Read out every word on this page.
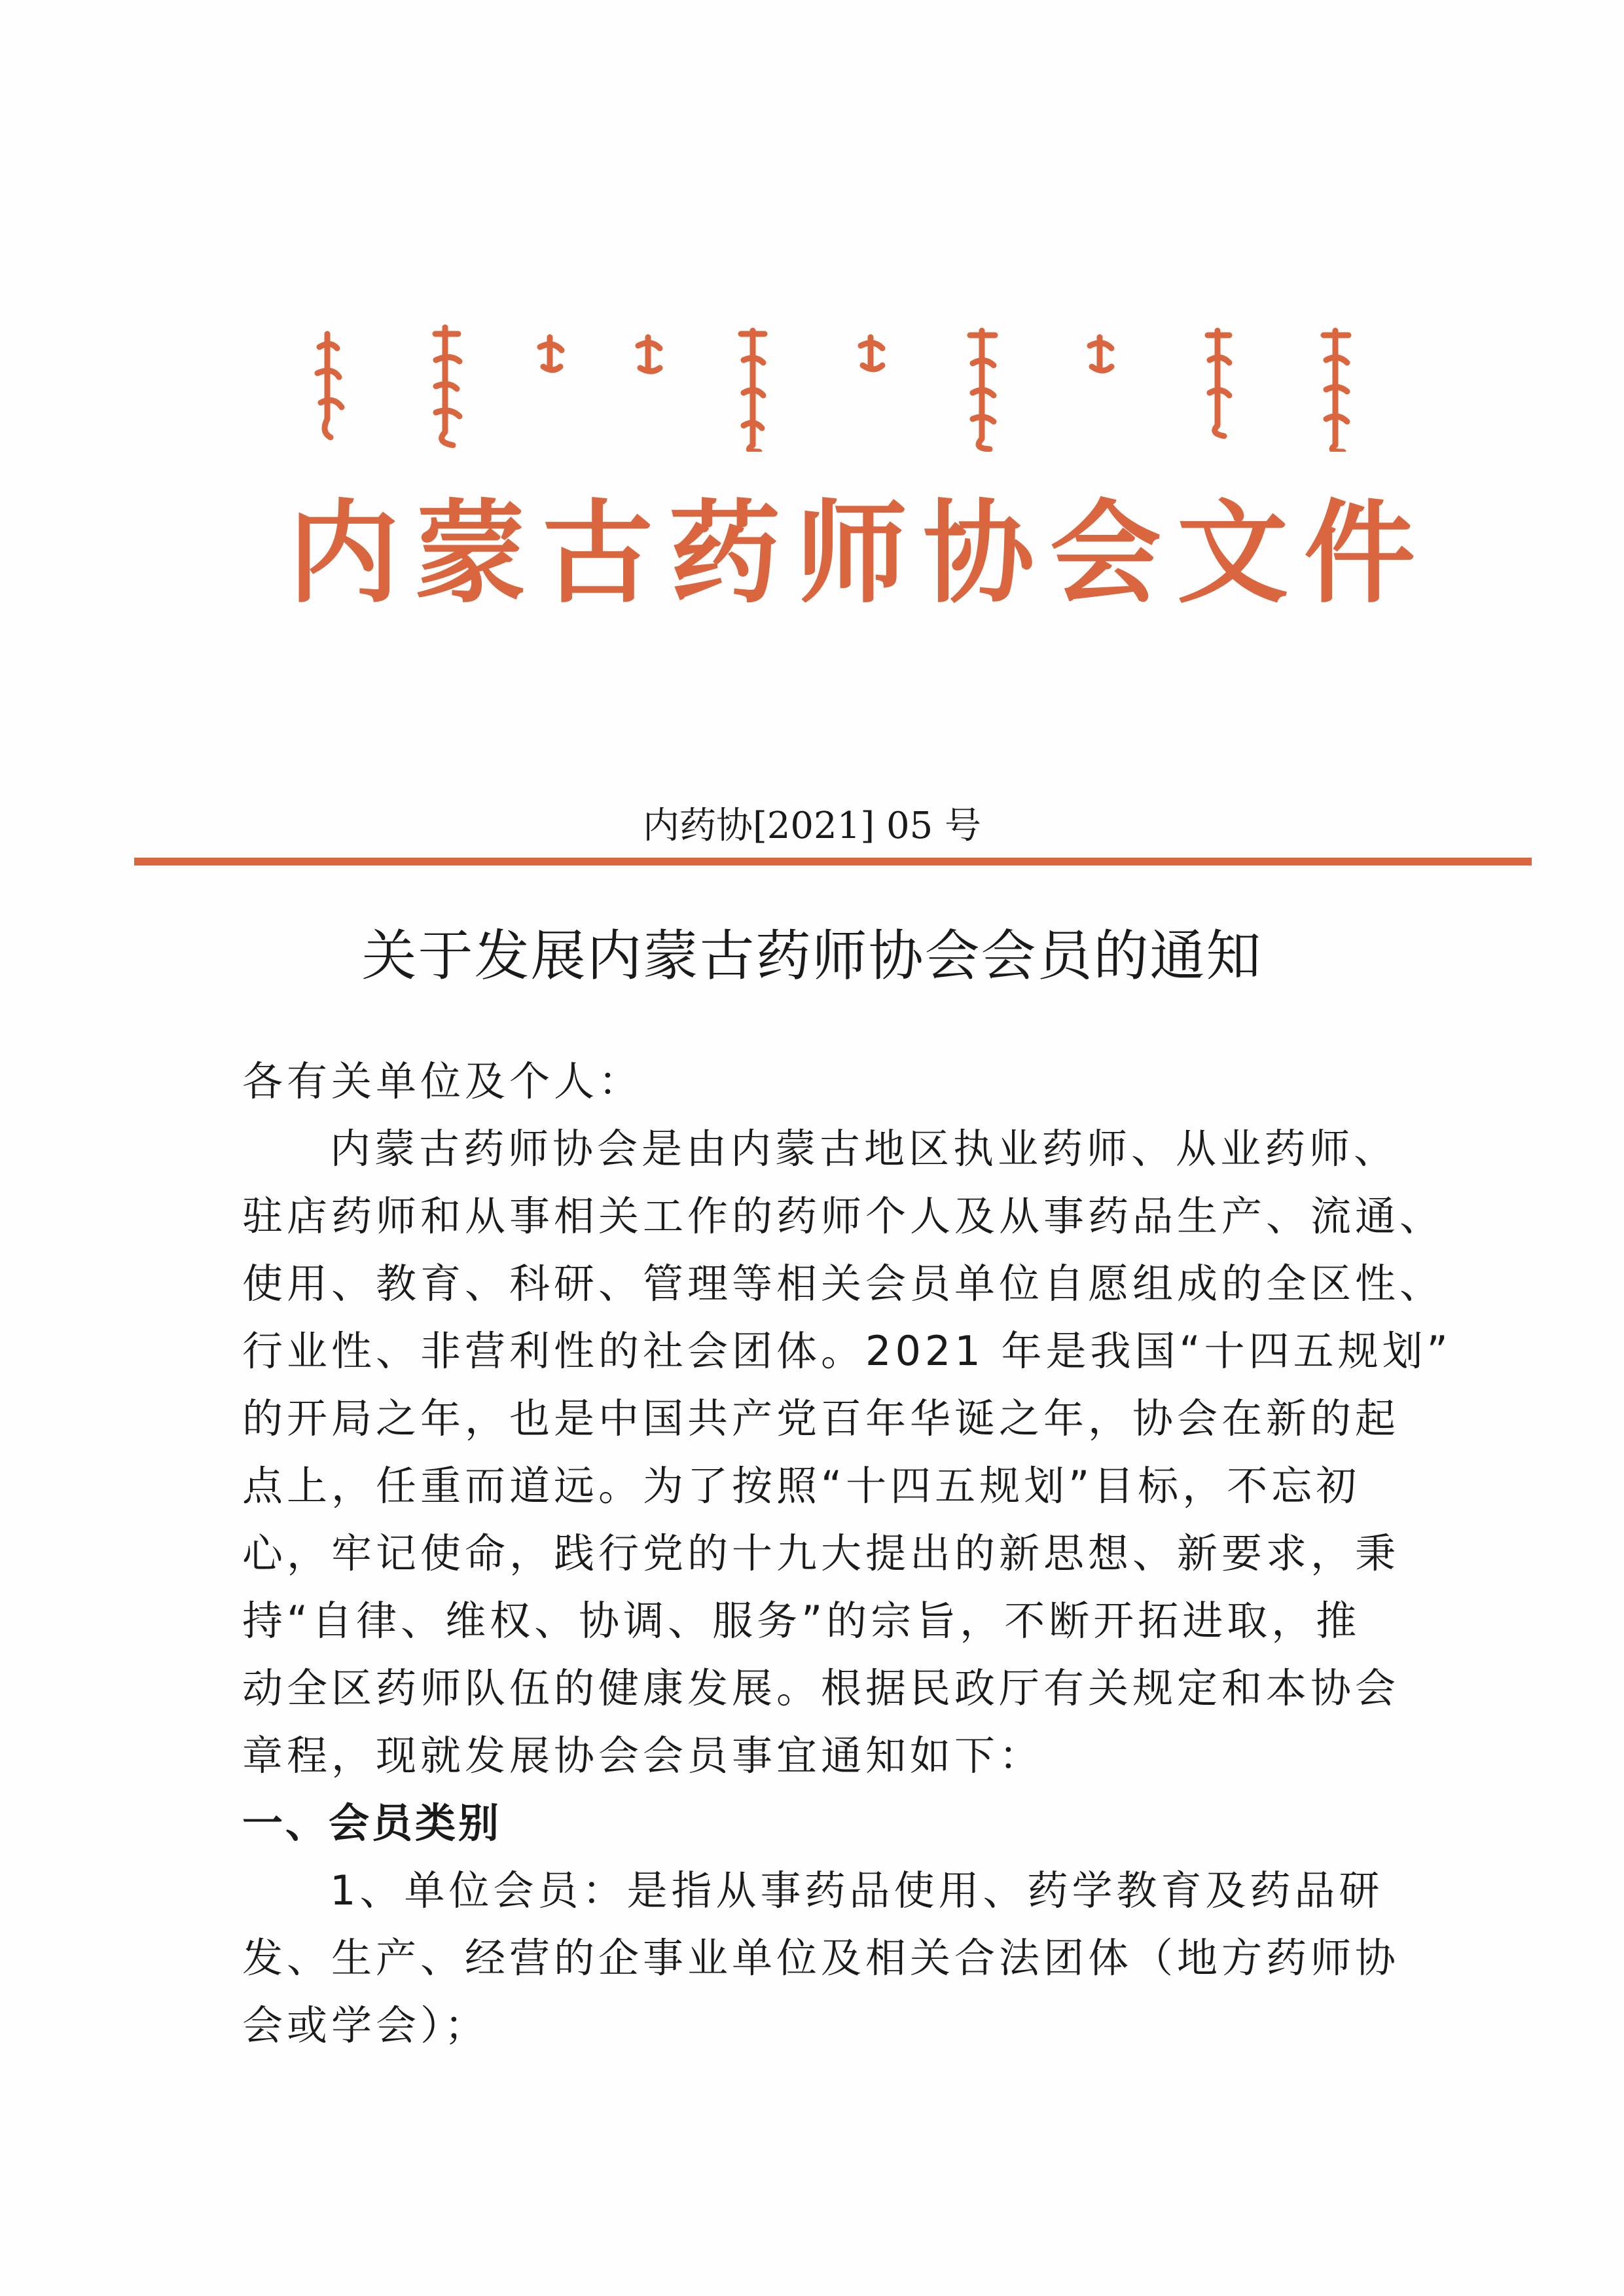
ᠥᠪᠦᠷ ᠮᠣᠩᠭᠣᠯ ᠤᠨ ᠡᠮ ᠦᠨ ᠪᠠᠭᠰᠢ ᠨᠠᠷ ᠤᠨ ᠨᠡᠢᠭᠡᠮ ᠦᠨ ᠪᠢᠴᠢᠭ
内蒙古药师协会文件
内药协[2021] 05 号
关于发展内蒙古药师协会会员的通知
各有关单位及个人：
内蒙古药师协会是由内蒙古地区执业药师、从业药师、
驻店药师和从事相关工作的药师个人及从事药品生产、流通、
使用、教育、科研、管理等相关会员单位自愿组成的全区性、
行业性、非营利性的社会团体。2021 年是我国“十四五规划”
的开局之年，也是中国共产党百年华诞之年，协会在新的起
点上，任重而道远。为了按照“十四五规划”目标，不忘初
心，牢记使命，践行党的十九大提出的新思想、新要求，秉
持“自律、维权、协调、服务”的宗旨，不断开拓进取，推
动全区药师队伍的健康发展。根据民政厅有关规定和本协会
章程，现就发展协会会员事宜通知如下：
一、会员类别
1、单位会员：是指从事药品使用、药学教育及药品研
发、生产、经营的企事业单位及相关合法团体（地方药师协
会或学会）；
